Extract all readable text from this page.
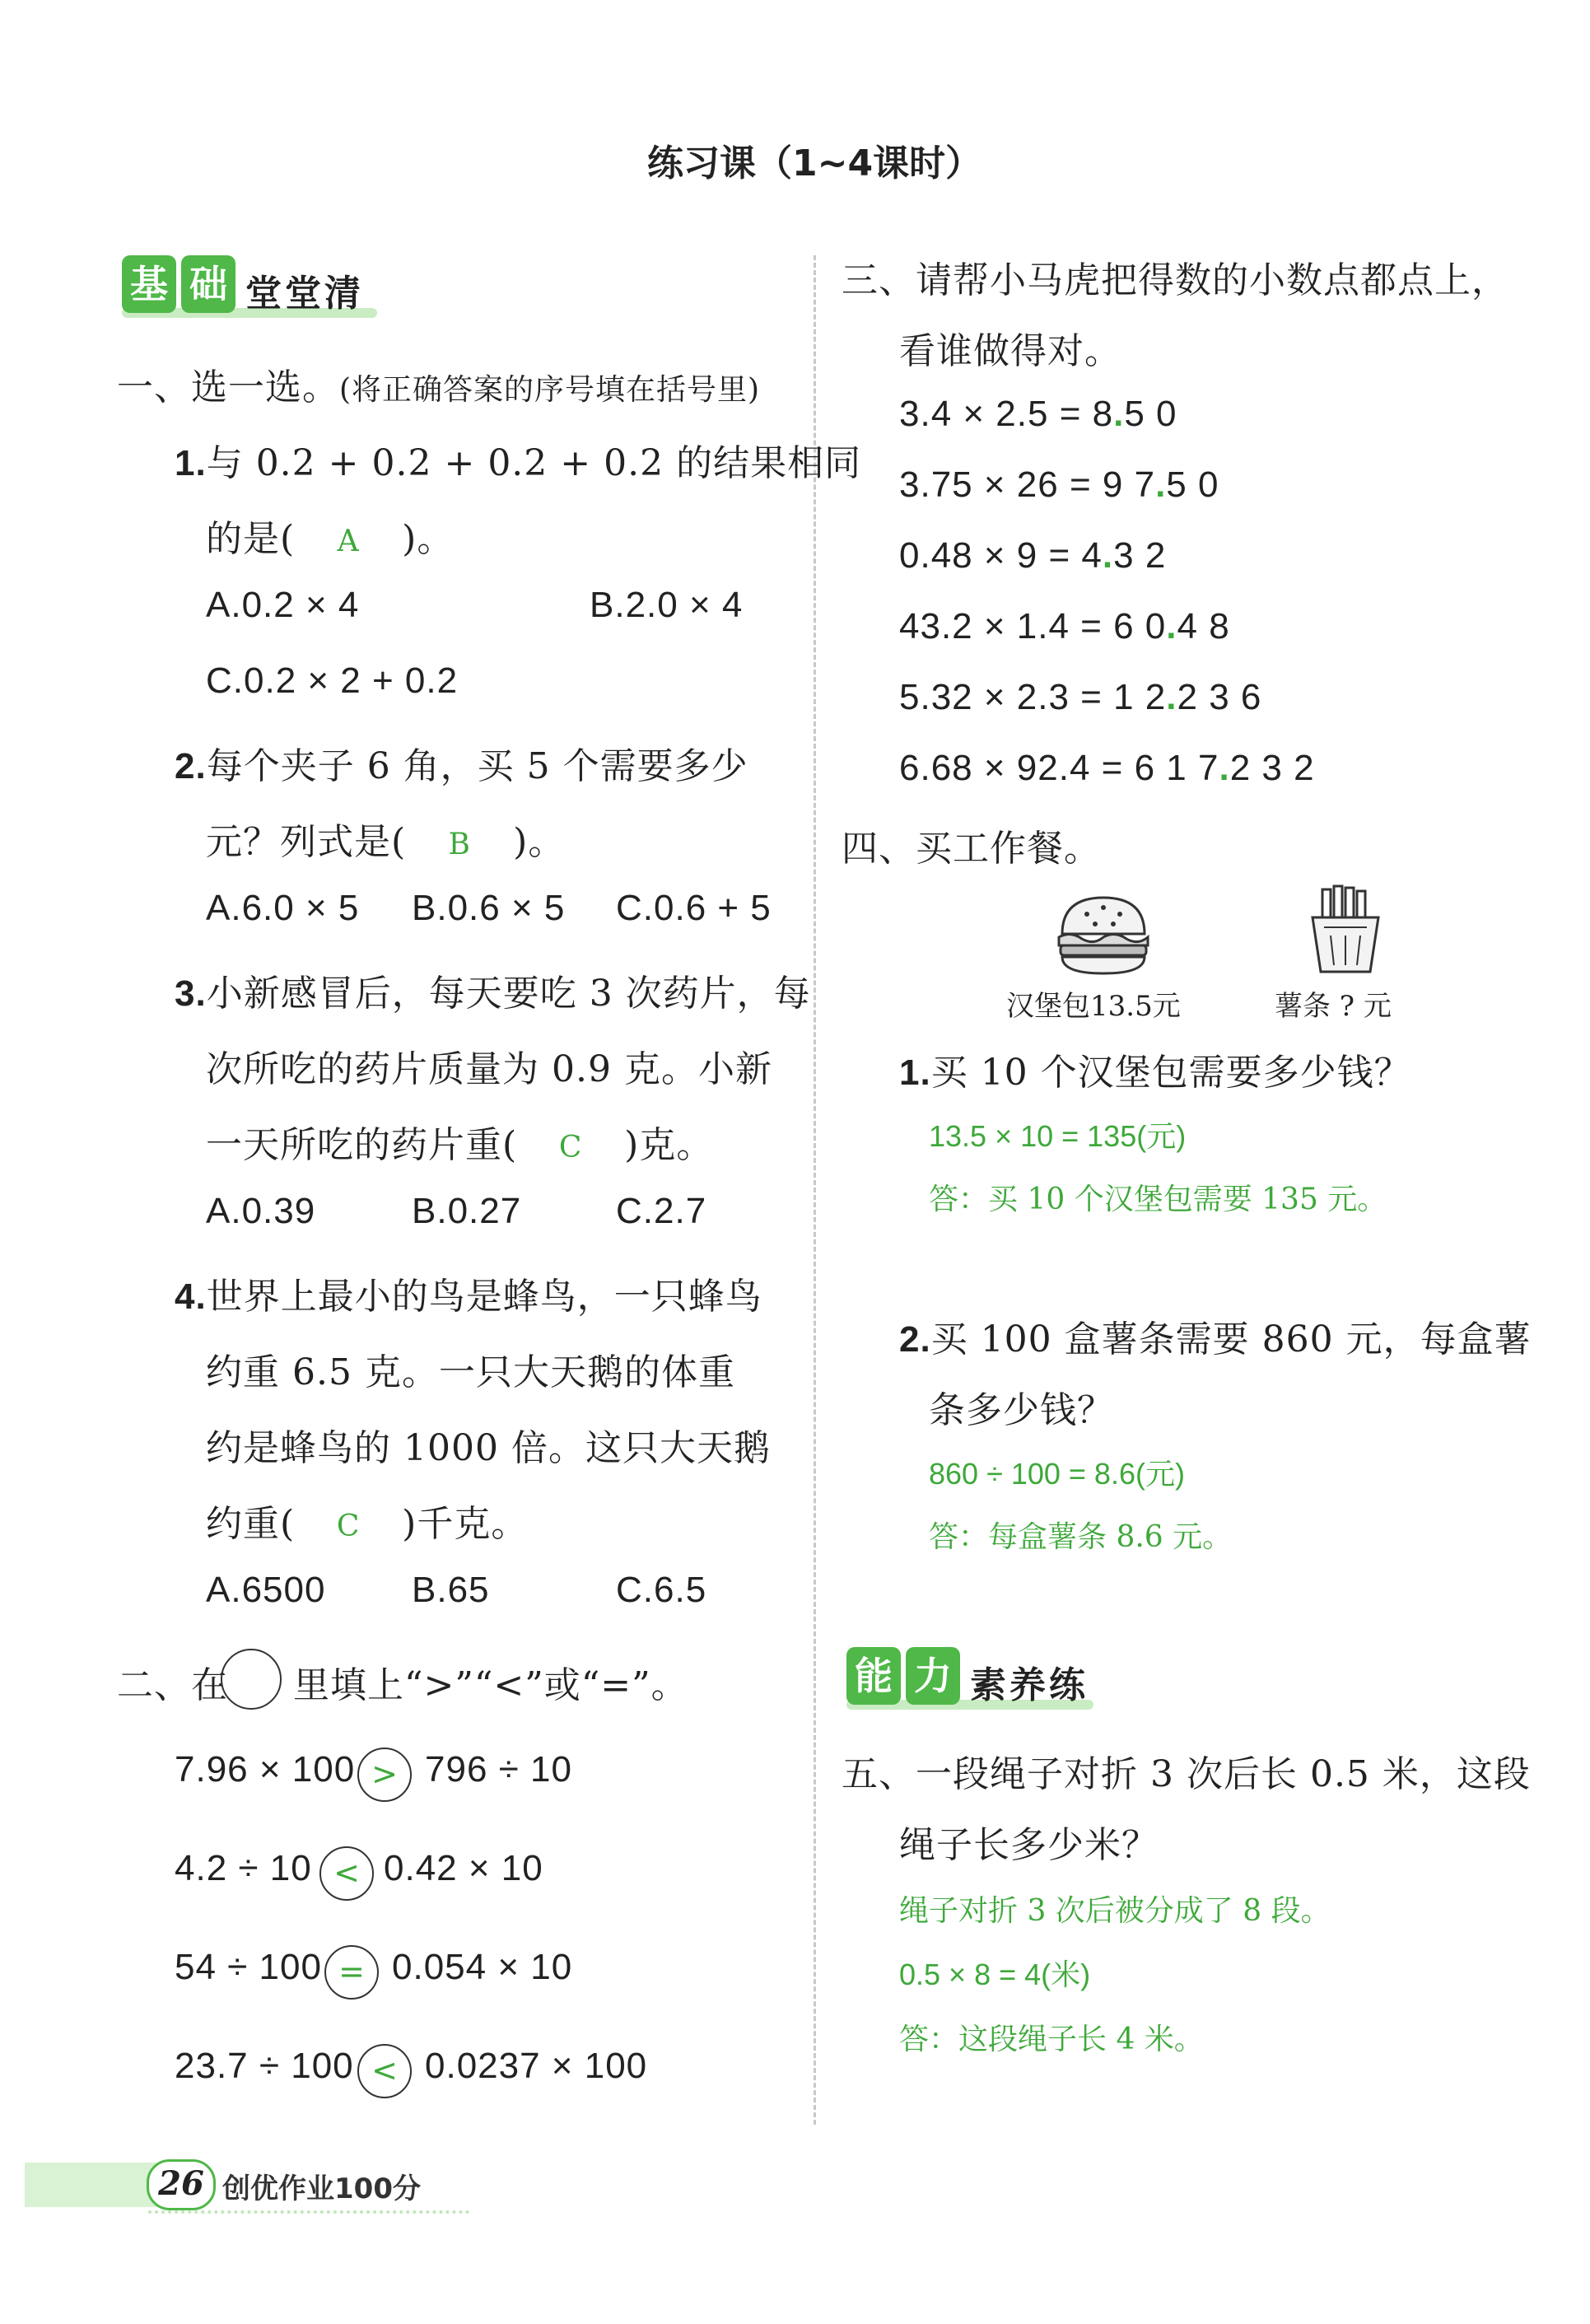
练习课（1~4课时）
基 础 堂堂清
一、选一选。(将正确答案的序号填在括号里)
1.与 0.2 + 0.2 + 0.2 + 0.2 的结果相同
的是( A )。
A.0.2 × 4	B.2.0 × 4
C.0.2 × 2 + 0.2
2.每个夹子 6 角，买 5 个需要多少
元？列式是( B )。
A.6.0 × 5 B.0.6 × 5 C.0.6 + 5
3.小新感冒后，每天要吃 3 次药片，每
次所吃的药片质量为 0.9 克。小新
一天所吃的药片重( C )克。
A.0.39	B.0.27	C.2.7
4.世界上最小的鸟是蜂鸟，一只蜂鸟
约重 6.5 克。一只大天鹅的体重
约是蜂鸟的 1000 倍。这只大天鹅
约重( C )千克。
A.6500 B.65	C.6.5
二、在 里填上“>”“<”或“=”。
7.96 × 100 > 796 ÷ 10
4.2 ÷ 10 < 0.42 × 10
54 ÷ 100 = 0.054 × 10
23.7 ÷ 100 < 0.0237 × 100
三、请帮小马虎把得数的小数点都点上，
看谁做得对。
3.4 × 2.5 = 8.5 0
3.75 × 26 = 9 7.5 0
0.48 × 9 = 4.3 2
43.2 × 1.4 = 6 0.4 8
5.32 × 2.3 = 1 2.2 3 6
6.68 × 92.4 = 6 1 7.2 3 2
四、买工作餐。
汉堡包13.5元	薯条 ? 元
1.买 10 个汉堡包需要多少钱？
13.5 × 10 = 135(元)
答：买 10 个汉堡包需要 135 元。
2.买 100 盒薯条需要 860 元，每盒薯
条多少钱？
860 ÷ 100 = 8.6(元)
答：每盒薯条 8.6 元。
能 力 素养练
五、一段绳子对折 3 次后长 0.5 米，这段
绳子长多少米？
绳子对折 3 次后被分成了 8 段。
0.5 × 8 = 4(米)
答：这段绳子长 4 米。
26 创优作业100分
